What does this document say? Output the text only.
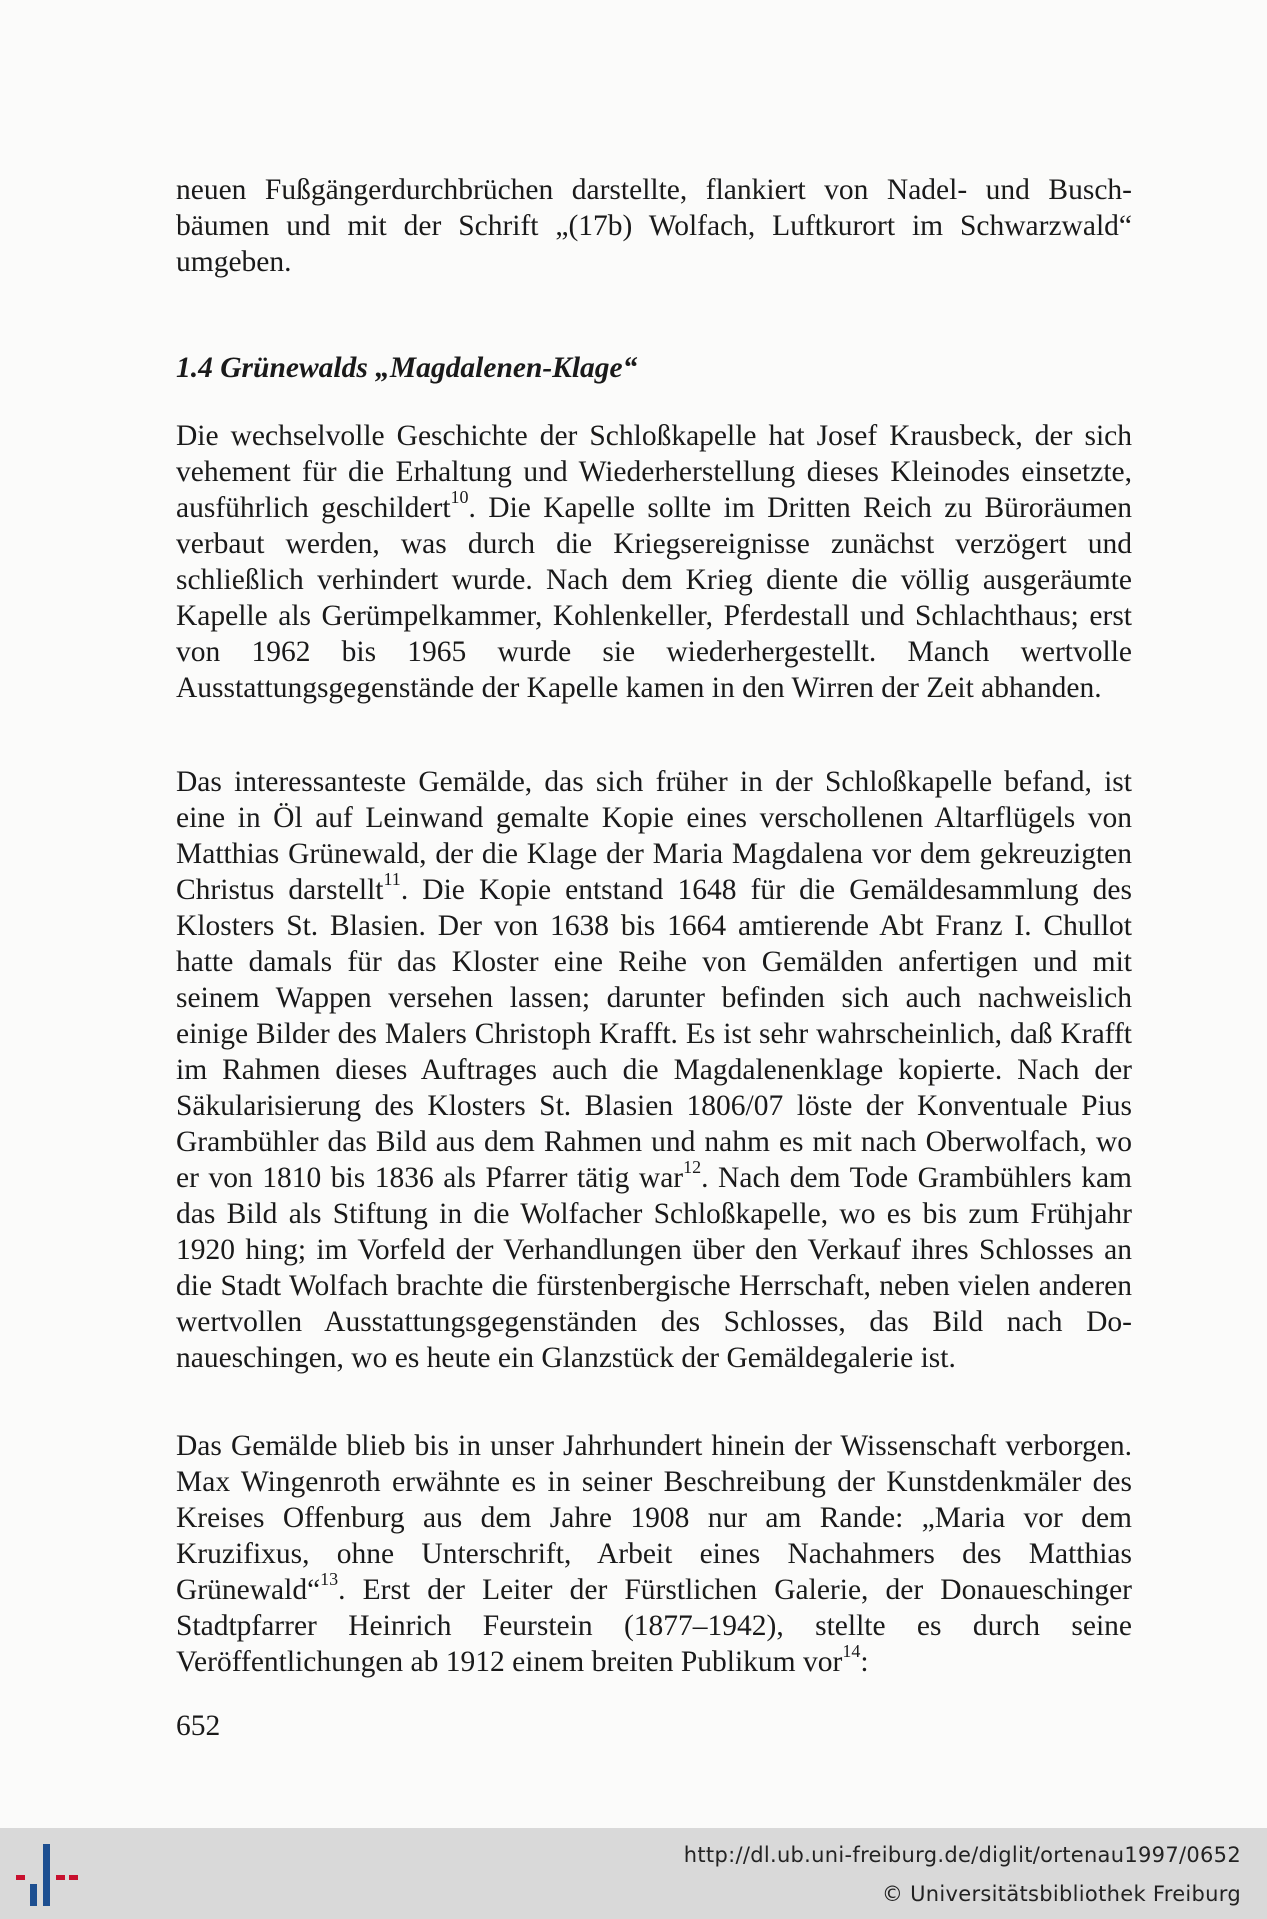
neuen Fußgängerdurchbrüchen darstellte, flankiert von Nadel- und Buschbäumen und mit der Schrift „(17b) Wolfach, Luftkurort im Schwarzwald“ umgeben.

1.4 Grünewalds „Magdalenen-Klage“

Die wechselvolle Geschichte der Schloßkapelle hat Josef Krausbeck, der sich vehement für die Erhaltung und Wiederherstellung dieses Kleinodes einsetzte, ausführlich geschildert$^{10}$. Die Kapelle sollte im Dritten Reich zu Büroräumen verbaut werden, was durch die Kriegsereignisse zunächst verzögert und schließlich verhindert wurde. Nach dem Krieg diente die völlig ausgeräumte Kapelle als Gerümpelkammer, Kohlenkeller, Pferdestall und Schlachthaus; erst von 1962 bis 1965 wurde sie wiederhergestellt. Manch wertvolle Ausstattungsgegenstände der Kapelle kamen in den Wirren der Zeit abhanden.

Das interessanteste Gemälde, das sich früher in der Schloßkapelle befand, ist eine in Öl auf Leinwand gemalte Kopie eines verschollenen Altarflügels von Matthias Grünewald, der die Klage der Maria Magdalena vor dem gekreuzigten Christus darstellt$^{11}$. Die Kopie entstand 1648 für die Gemäldesammlung des Klosters St. Blasien. Der von 1638 bis 1664 amtierende Abt Franz I. Chullot hatte damals für das Kloster eine Reihe von Gemälden anfertigen und mit seinem Wappen versehen lassen; darunter befinden sich auch nachweislich einige Bilder des Malers Christoph Krafft. Es ist sehr wahrscheinlich, daß Krafft im Rahmen dieses Auftrages auch die Magdalenenklage kopierte. Nach der Säkularisierung des Klosters St. Blasien 1806/07 löste der Konventuale Pius Grambühler das Bild aus dem Rahmen und nahm es mit nach Oberwolfach, wo er von 1810 bis 1836 als Pfarrer tätig war$^{12}$. Nach dem Tode Grambühlers kam das Bild als Stiftung in die Wolfacher Schloßkapelle, wo es bis zum Frühjahr 1920 hing; im Vorfeld der Verhandlungen über den Verkauf ihres Schlosses an die Stadt Wolfach brachte die fürstenbergische Herrschaft, neben vielen anderen wertvollen Ausstattungsgegenständen des Schlosses, das Bild nach Donaueschingen, wo es heute ein Glanzstück der Gemäldegalerie ist.

Das Gemälde blieb bis in unser Jahrhundert hinein der Wissenschaft verborgen. Max Wingenroth erwähnte es in seiner Beschreibung der Kunstdenkmäler des Kreises Offenburg aus dem Jahre 1908 nur am Rande: „Maria vor dem Kruzifixus, ohne Unterschrift, Arbeit eines Nachahmers des Matthias Grünewald“$^{13}$. Erst der Leiter der Fürstlichen Galerie, der Donaueschinger Stadtpfarrer Heinrich Feurstein (1877–1942), stellte es durch seine Veröffentlichungen ab 1912 einem breiten Publikum vor$^{14}$:

652
http://dl.ub.uni-freiburg.de/diglit/ortenau1997/0652
© Universitätsbibliothek Freiburg
